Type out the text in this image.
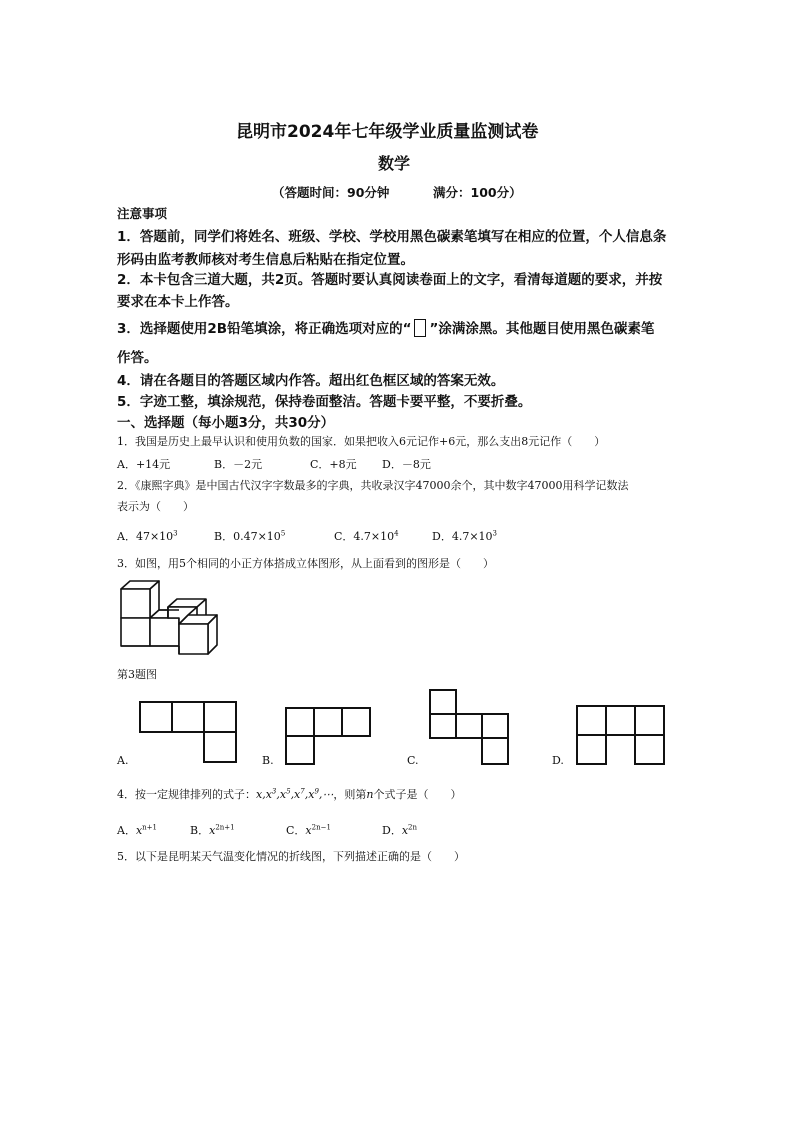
昆明市2024年七年级学业质量监测试卷
数学
（答题时间：90分钟	满分：100分）
注意事项
1．答题前，同学们将姓名、班级、学校、学校用黑色碳素笔填写在相应的位置，个人信息条
形码由监考教师核对考生信息后粘贴在指定位置。
2．本卡包含三道大题，共2页。答题时要认真阅读卷面上的文字，看清每道题的要求，并按
要求在本卡上作答。
3．选择题使用2B铅笔填涂，将正确选项对应的“ ”涂满涂黑。其他题目使用黑色碳素笔
作答。
4．请在各题目的答题区域内作答。超出红色框区域的答案无效。
5．字迹工整，填涂规范，保持卷面整洁。答题卡要平整，不要折叠。
一、选择题（每小题3分，共30分）
1．我国是历史上最早认识和使用负数的国家．如果把收入6元记作+6元，那么支出8元记作（　　）
A．+14元	B．－2元	C．+8元 D．－8元
2．《康熙字典》是中国古代汉字字数最多的字典，共收录汉字47000余个，其中数字47000用科学记数法
表示为（　　）
A．$47\times 10^3$	B．$0.47\times 10^5$	C．$4.7\times 10^4$	D．$4.7\times 10^3$
3．如图，用5个相同的小正方体搭成立体图形，从上面看到的图形是（　　）
第3题图
A.	B.	C.	D.
4．按一定规律排列的式子：$x,x^3,x^5,x^7,x^9,\cdots$，则第n个式子是（　　）
A．$x^{n+1}$	B．$x^{2n+1}$	C．$x^{2n-1}$	D．$x^{2n}$
5．以下是昆明某天气温变化情况的折线图，下列描述正确的是（　　）
